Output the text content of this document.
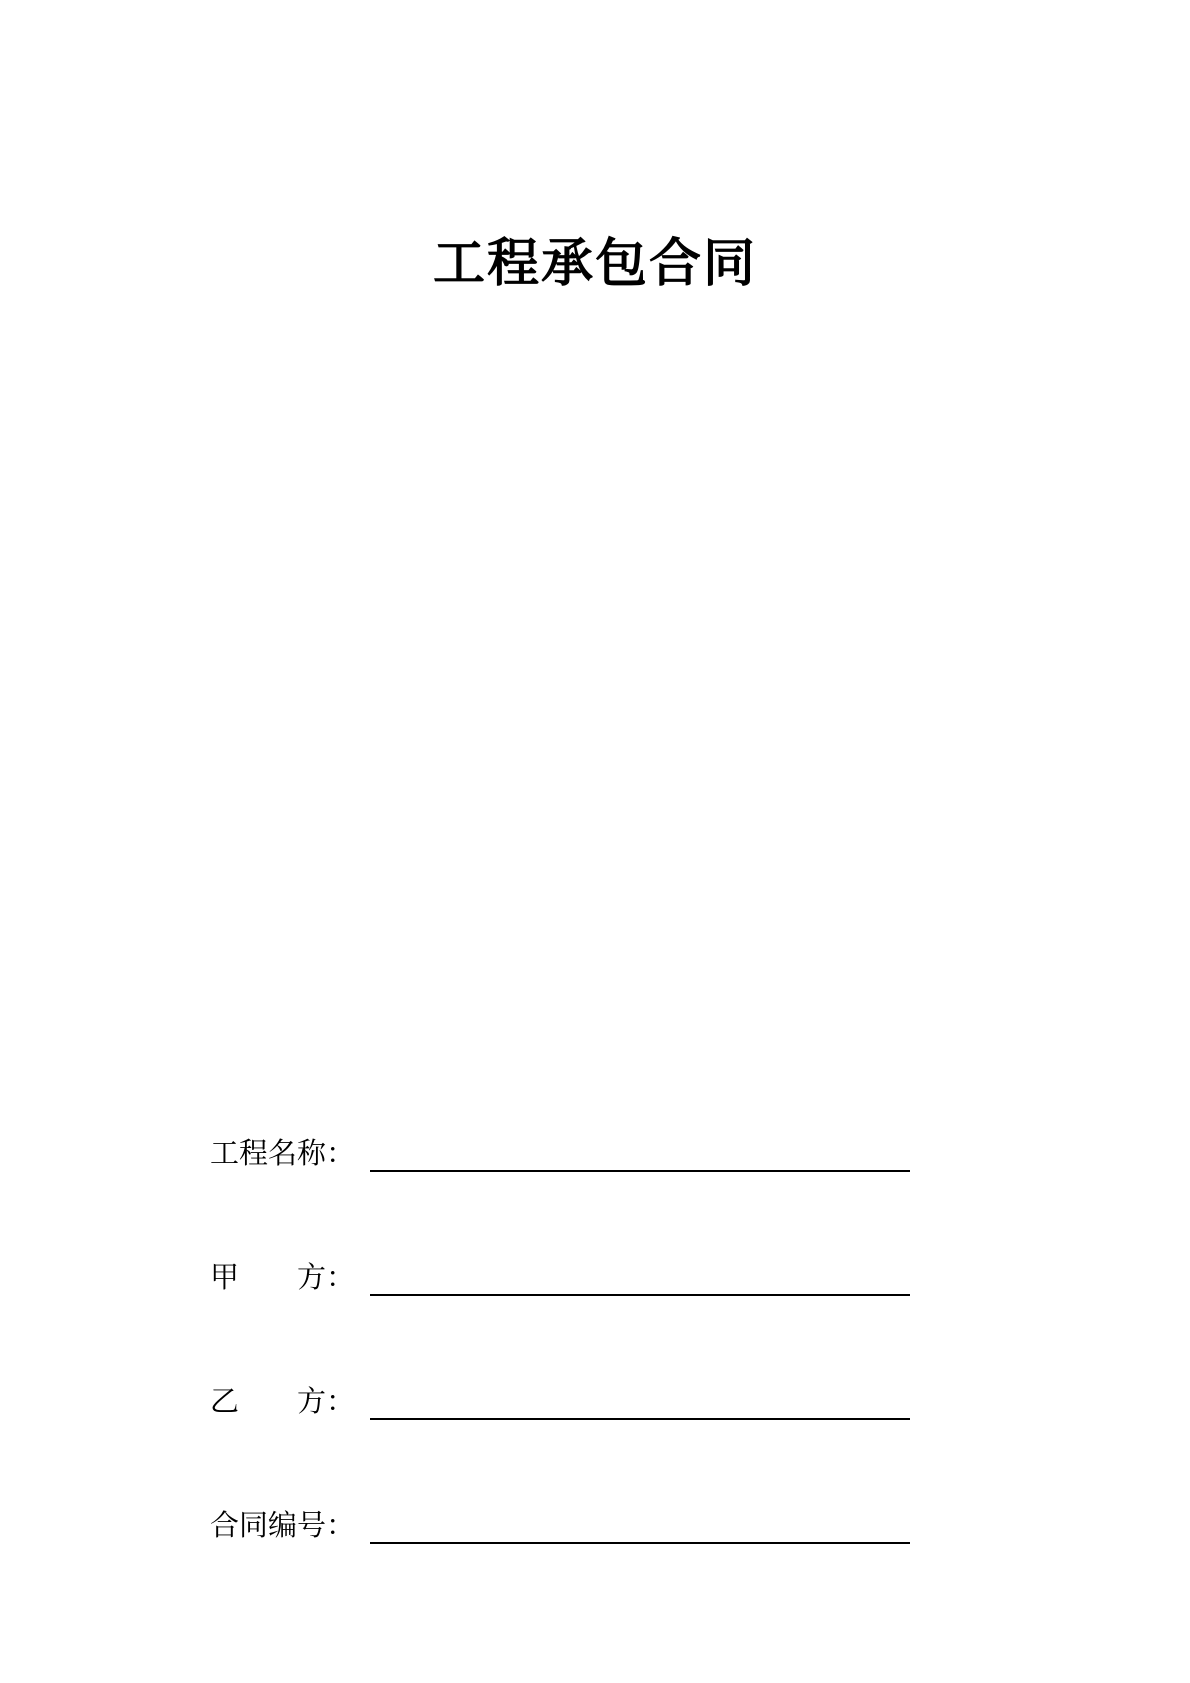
工程承包合同
工程名称：
甲　　方：
乙　　方：
合同编号：
